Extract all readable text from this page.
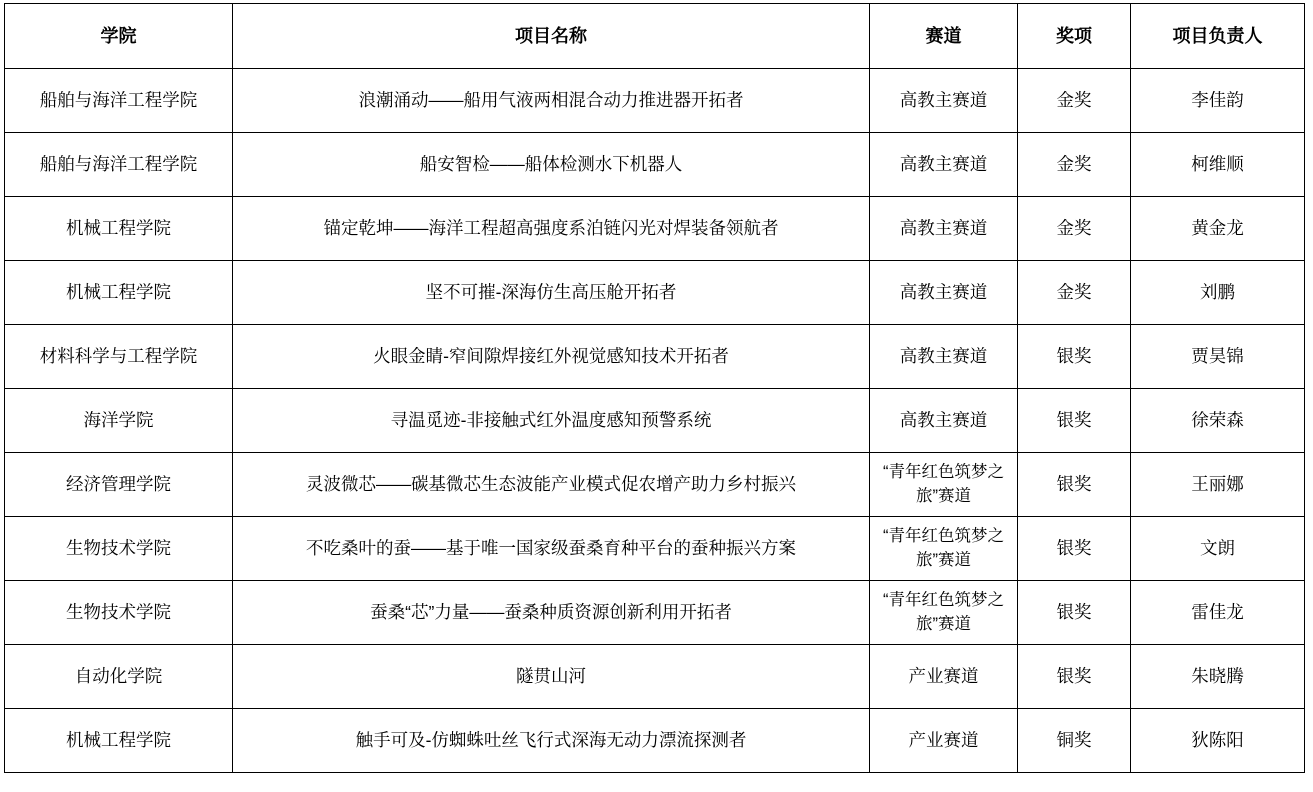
学院	项目名称	赛道	奖项	项目负责人
船舶与海洋工程学院	浪潮涌动——船用气液两相混合动力推进器开拓者	高教主赛道	金奖	李佳韵
船舶与海洋工程学院	船安智检——船体检测水下机器人	高教主赛道	金奖	柯维顺
机械工程学院	锚定乾坤——海洋工程超高强度系泊链闪光对焊装备领航者	高教主赛道	金奖	黄金龙
机械工程学院	坚不可摧-深海仿生高压舱开拓者	高教主赛道	金奖	刘鹏
材料科学与工程学院	火眼金睛-窄间隙焊接红外视觉感知技术开拓者	高教主赛道	银奖	贾昊锦
海洋学院	寻温觅迹-非接触式红外温度感知预警系统	高教主赛道	银奖	徐荣森
经济管理学院	灵波微芯——碳基微芯生态波能产业模式促农增产助力乡村振兴	“青年红色筑梦之旅”赛道	银奖	王丽娜
生物技术学院	不吃桑叶的蚕——基于唯一国家级蚕桑育种平台的蚕种振兴方案	“青年红色筑梦之旅”赛道	银奖	文朗
生物技术学院	蚕桑“芯”力量——蚕桑种质资源创新利用开拓者	“青年红色筑梦之旅”赛道	银奖	雷佳龙
自动化学院	隧贯山河	产业赛道	银奖	朱晓腾
机械工程学院	触手可及-仿蜘蛛吐丝飞行式深海无动力漂流探测者	产业赛道	铜奖	狄陈阳
